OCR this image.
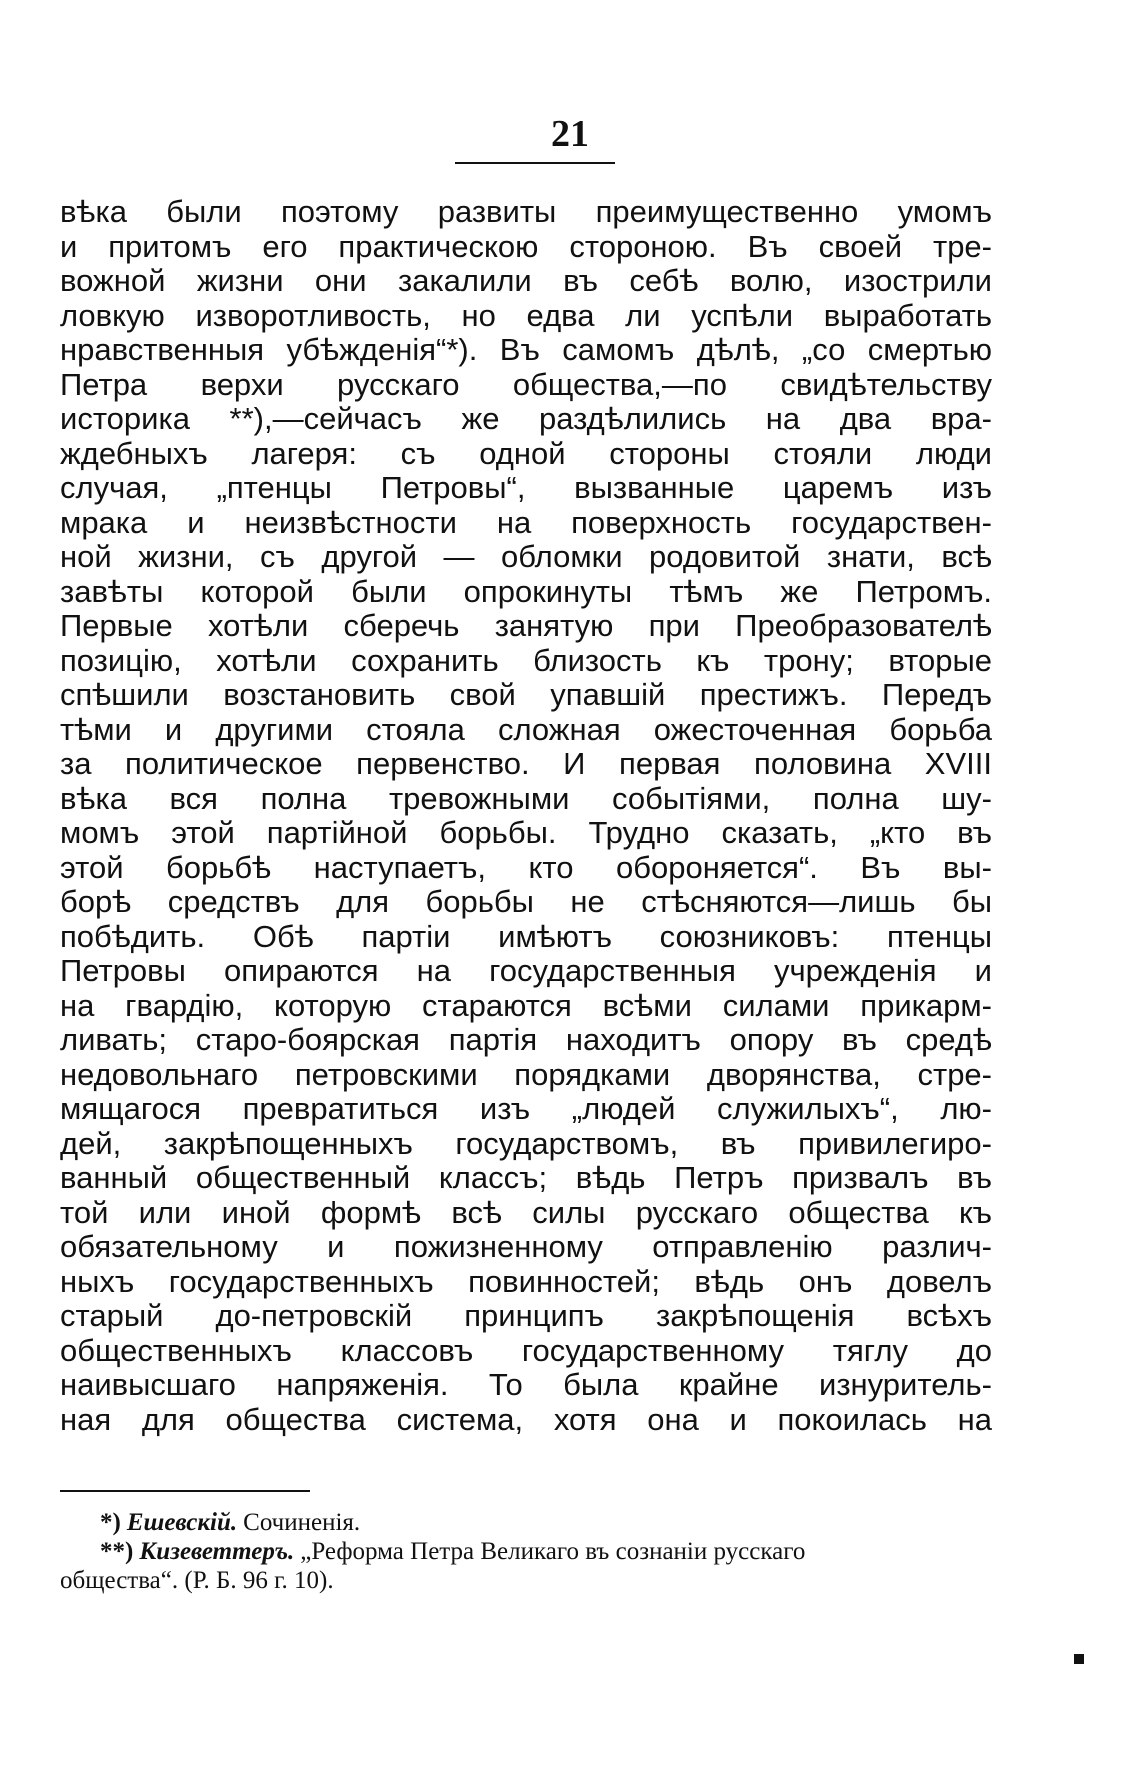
21
вѣка были поэтому развиты преимущественно умомъ
и притомъ его практическою стороною. Въ своей тре-
вожной жизни они закалили въ себѣ волю, изострили
ловкую изворотливость, но едва ли успѣли выработать
нравственныя убѣжденія“*). Въ самомъ дѣлѣ, „со смертью
Петра верхи русскаго общества,—по свидѣтельству
историка **),—сейчасъ же раздѣлились на два вра-
ждебныхъ лагеря: съ одной стороны стояли люди
случая, „птенцы Петровы“, вызванные царемъ изъ
мрака и неизвѣстности на поверхность государствен-
ной жизни, съ другой — обломки родовитой знати, всѣ
завѣты которой были опрокинуты тѣмъ же Петромъ.
Первые хотѣли сберечь занятую при Преобразователѣ
позицію, хотѣли сохранить близость къ трону; вторые
спѣшили возстановить свой упавшій престижъ. Передъ
тѣми и другими стояла сложная ожесточенная борьба
за политическое первенство. И первая половина XVIII
вѣка вся полна тревожными событіями, полна шу-
момъ этой партійной борьбы. Трудно сказать, „кто въ
этой борьбѣ наступаетъ, кто обороняется“. Въ вы-
борѣ средствъ для борьбы не стѣсняются—лишь бы
побѣдить. Обѣ партіи имѣютъ союзниковъ: птенцы
Петровы опираются на государственныя учрежденія и
на гвардію, которую стараются всѣми силами прикарм-
ливать; старо-боярская партія находитъ опору въ средѣ
недовольнаго петровскими порядками дворянства, стре-
мящагося превратиться изъ „людей служилыхъ“, лю-
дей, закрѣпощенныхъ государствомъ, въ привилегиро-
ванный общественный классъ; вѣдь Петръ призвалъ въ
той или иной формѣ всѣ силы русскаго общества къ
обязательному и пожизненному отправленію различ-
ныхъ государственныхъ повинностей; вѣдь онъ довелъ
старый до-петровскій принципъ закрѣпощенія всѣхъ
общественныхъ классовъ государственному тяглу до
наивысшаго напряженія. То была крайне изнуритель-
ная для общества система, хотя она и покоилась на
*) Ешевскій. Сочиненія.
**) Кизеветтеръ. „Реформа Петра Великаго въ сознаніи русскаго
общества“. (Р. Б. 96 г. 10).
